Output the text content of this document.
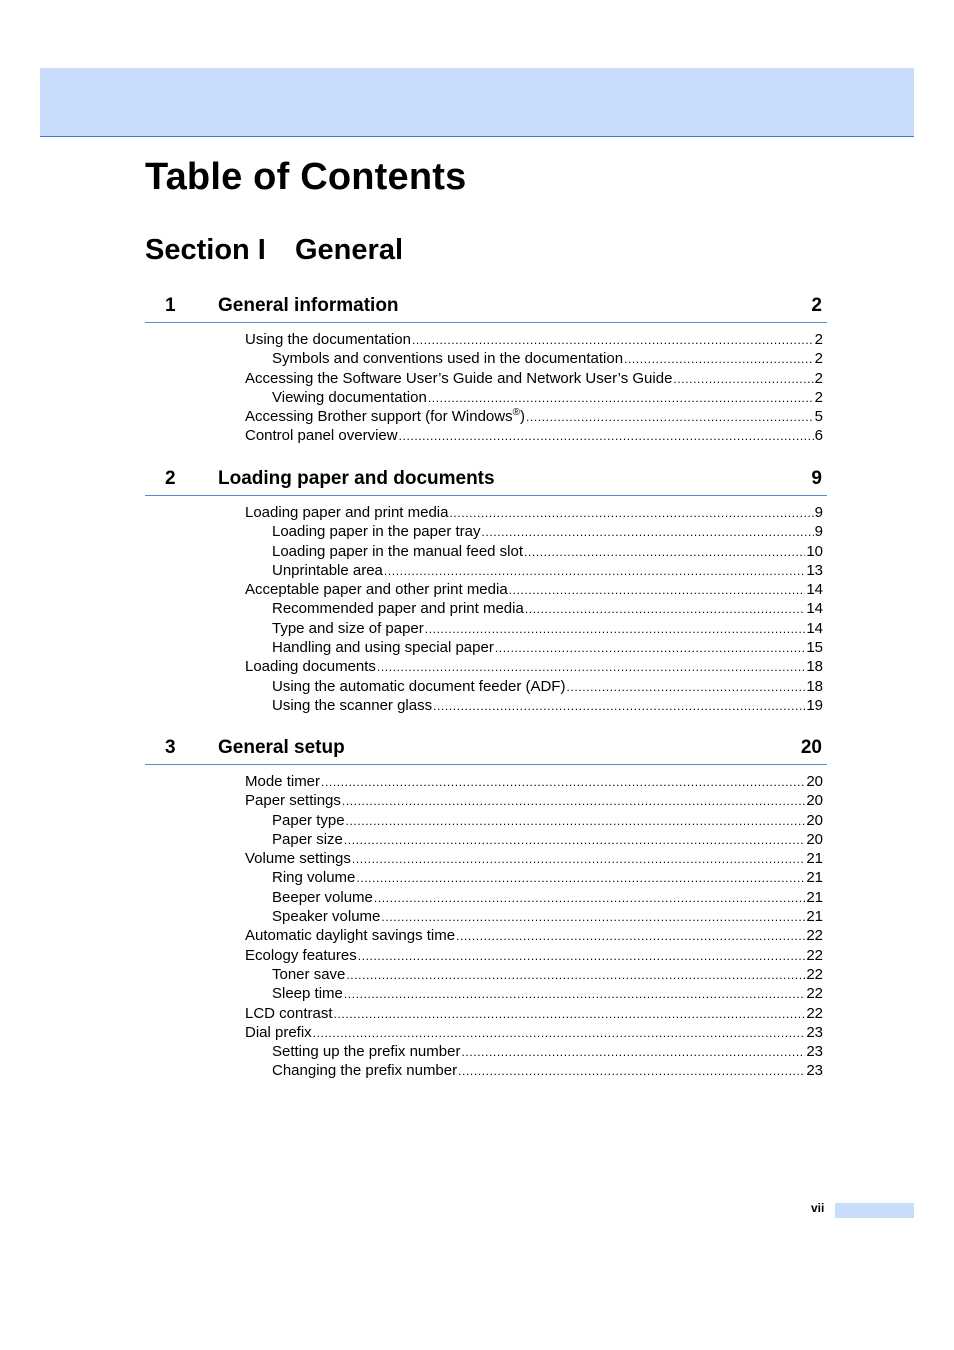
Table of Contents
Section I General
1 General information	2
Using the documentation .....	2
Symbols and conventions used in the documentation .....	2
Accessing the Software User’s Guide and Network User’s Guide .....	2
Viewing documentation .....	2
Accessing Brother support (for Windows®) .....	5
Control panel overview .....	6
2 Loading paper and documents	9
Loading paper and print media .....	9
Loading paper in the paper tray .....	9
Loading paper in the manual feed slot .....	10
Unprintable area .....	13
Acceptable paper and other print media .....	14
Recommended paper and print media .....	14
Type and size of paper .....	14
Handling and using special paper .....	15
Loading documents .....	18
Using the automatic document feeder (ADF) .....	18
Using the scanner glass .....	19
3 General setup	20
Mode timer .....	20
Paper settings .....	20
Paper type .....	20
Paper size .....	20
Volume settings .....	21
Ring volume .....	21
Beeper volume .....	21
Speaker volume .....	21
Automatic daylight savings time .....	22
Ecology features .....	22
Toner save .....	22
Sleep time .....	22
LCD contrast .....	22
Dial prefix .....	23
Setting up the prefix number .....	23
Changing the prefix number .....	23
vii
